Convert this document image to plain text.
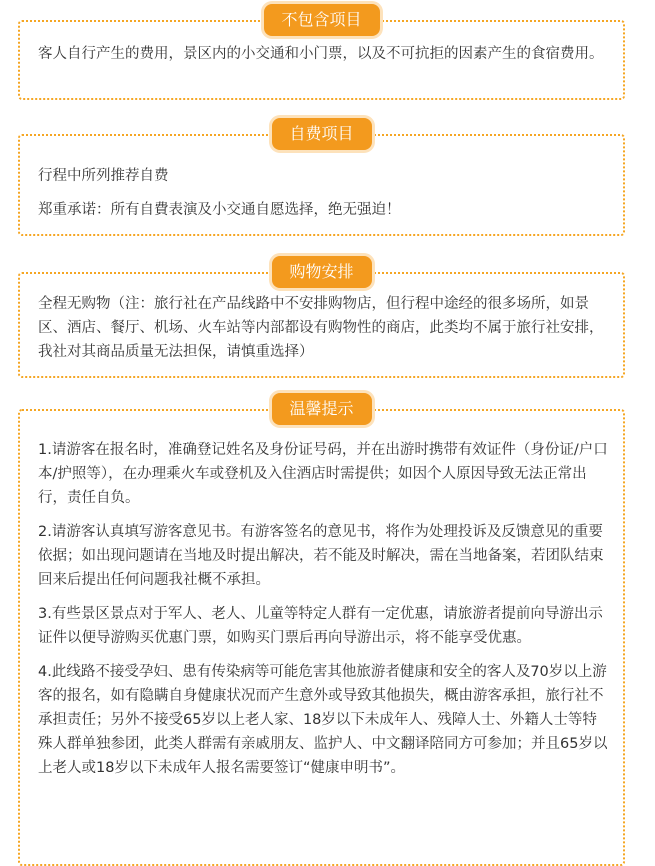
不包含项目

客人自行产生的费用，景区内的小交通和小门票，以及不可抗拒的因素产生的食宿费用。

自费项目

行程中所列推荐自费

郑重承诺：所有自費表演及小交通自愿选择，绝无强迫！

购物安排

全程无购物（注：旅行社在产品线路中不安排购物店，但行程中途经的很多场所，如景区、酒店、餐厅、机场、火车站等内部都设有购物性的商店，此类均不属于旅行社安排，我社对其商品质量无法担保，请慎重选择）

温馨提示

1.请游客在报名时，准确登记姓名及身份证号码，并在出游时携带有效证件（身份证/户口本/护照等），在办理乘火车或登机及入住酒店时需提供；如因个人原因导致无法正常出行，责任自负。

2.请游客认真填写游客意见书。有游客签名的意见书，将作为处理投诉及反馈意见的重要依据；如出现问题请在当地及时提出解决，若不能及时解决，需在当地备案，若团队结束回来后提出任何问题我社概不承担。

3.有些景区景点对于军人、老人、儿童等特定人群有一定优惠，请旅游者提前向导游出示证件以便导游购买优惠门票，如购买门票后再向导游出示，将不能享受优惠。

4.此线路不接受孕妇、患有传染病等可能危害其他旅游者健康和安全的客人及70岁以上游客的报名，如有隐瞒自身健康状况而产生意外或导致其他损失，概由游客承担，旅行社不承担责任；另外不接受65岁以上老人家、18岁以下未成年人、残障人士、外籍人士等特殊人群单独参团，此类人群需有亲戚朋友、监护人、中文翻译陪同方可参加；并且65岁以上老人或18岁以下未成年人报名需要签订“健康申明书”。
